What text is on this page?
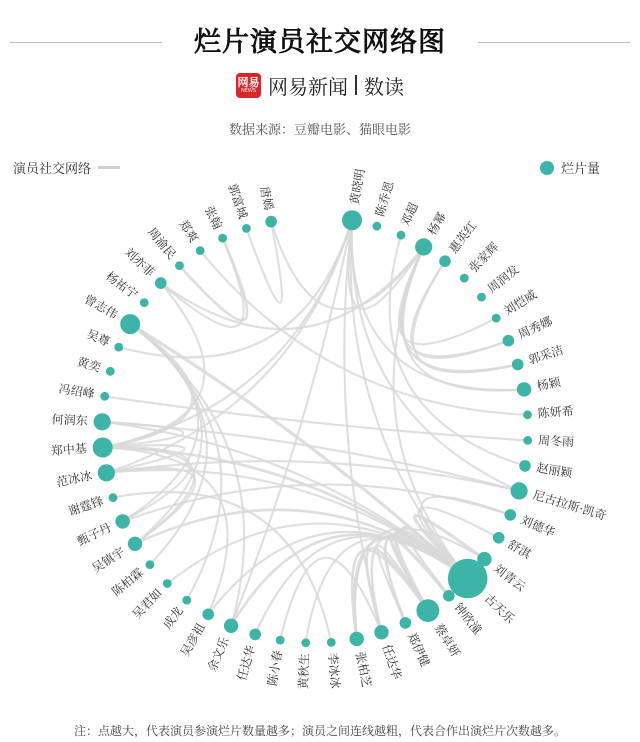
烂片演员社交网络图
网易
NEWS 网易新闻 数读
数据来源：豆瓣电影、猫眼电影
演员社交网络	烂片量
黄晓明 陈乔恩 邓超 杨幂
惠英红
张家辉
周润发
刘恺威
周秀娜
郭采洁
杨颖
陈妍希
周冬雨
赵丽颖
尼古拉斯·凯奇
刘德华
舒淇
刘青云
古天乐
钟欣潼
蔡卓妍
郑伊健
任达华
张柏芝
李冰冰
黄秋生
陈小春
任达华
余文乐
吴彦祖
成龙
吴君如
陈柏霖
吴镇宇
甄子丹
谢霆锋
范冰冰
郑中基
何润东
冯绍峰
黄奕
吴尊
曾志伟
杨祐宁
刘亦菲
周渝民
郑爽 张翰 郭富城 唐嫣
注：点越大，代表演员参演烂片数量越多；演员之间连线越粗，代表合作出演烂片次数越多。
